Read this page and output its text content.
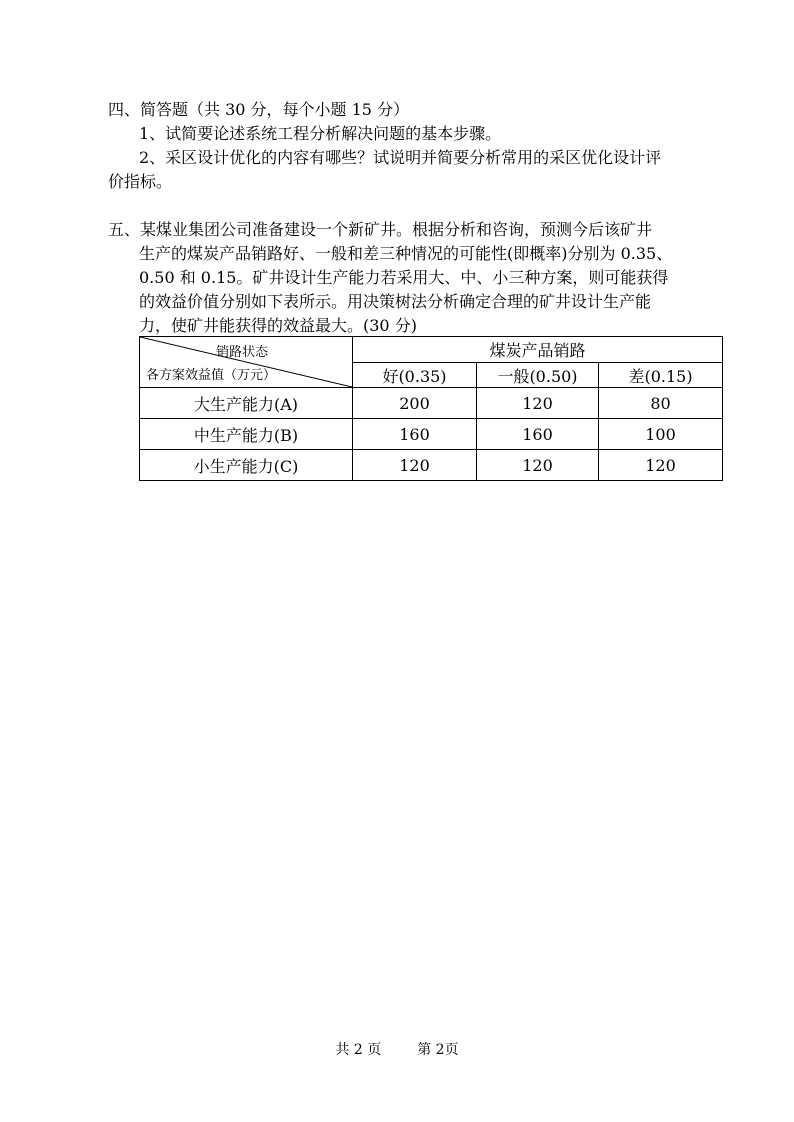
四、简答题（共 30 分，每个小题 15 分）

1、试简要论述系统工程分析解决问题的基本步骤。

2、采区设计优化的内容有哪些？试说明并简要分析常用的采区优化设计评

价指标。

五、某煤业集团公司准备建设一个新矿井。根据分析和咨询，预测今后该矿井

生产的煤炭产品销路好、一般和差三种情况的可能性(即概率)分别为 0.35、

0.50 和 0.15。矿井设计生产能力若采用大、中、小三种方案，则可能获得

的效益价值分别如下表所示。用决策树法分析确定合理的矿井设计生产能

力，使矿井能获得的效益最大。(30 分)

销路状态
各方案效益值（万元）	煤炭产品销路		
	好(0.35)	一般(0.50)	差(0.15)
大生产能力(A)	200	120	80
中生产能力(B)	160	160	100
小生产能力(C)	120	120	120
共 2 页	第 2页
